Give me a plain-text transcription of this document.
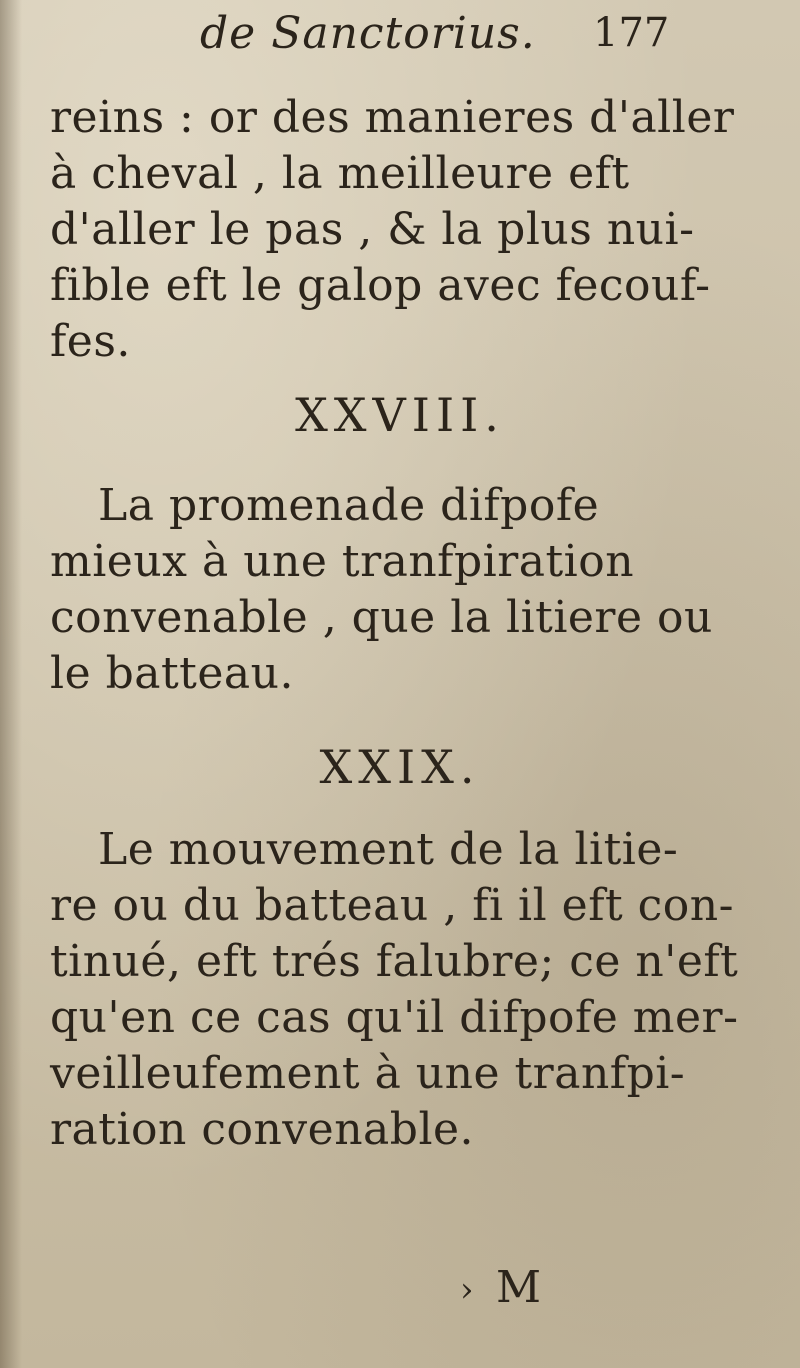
de Sanctorius. 177
reins : or des manieres d'aller
à cheval , la meilleure eft
d'aller le pas , & la plus nui-
fible eft le galop avec fecouf-
fes.
XXVIII.
La promenade difpofe
mieux à une tranfpiration
convenable , que la litiere ou
le batteau.
XXIX.
Le mouvement de la litie-
re ou du batteau , fi il eft con-
tinué, eft trés falubre; ce n'eft
qu'en ce cas qu'il difpofe mer-
veilleufement à une tranfpi-
ration convenable.
› M
